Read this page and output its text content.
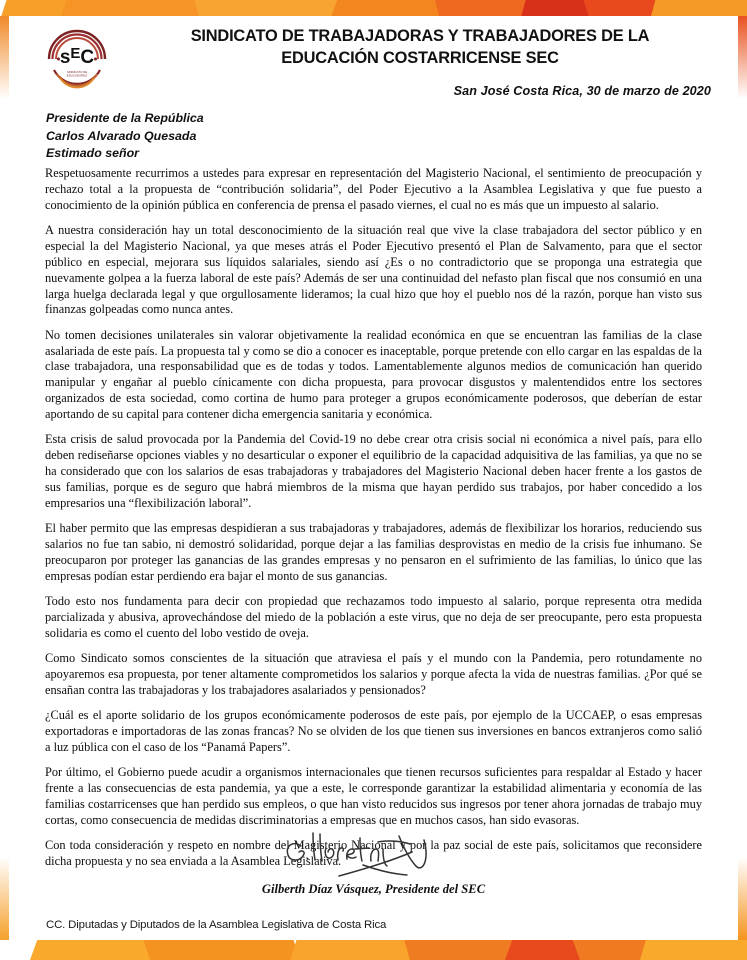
$s^EC$
SINDICATO DE
EDUCADORES
SINDICATO DE TRABAJADORAS Y TRABAJADORES DE LA
EDUCACIÓN COSTARRICENSE SEC
San José Costa Rica, 30 de marzo de 2020
Presidente de la República
Carlos Alvarado Quesada
Estimado señor

Respetuosamente recurrimos a ustedes para expresar en representación del Magisterio Nacional, el sentimiento de preocupación y rechazo total a la propuesta de “contribución solidaria”, del Poder Ejecutivo a la Asamblea Legislativa y que fue puesto a conocimiento de la opinión pública en conferencia de prensa el pasado viernes, el cual no es más que un impuesto al salario.

A nuestra consideración hay un total desconocimiento de la situación real que vive la clase trabajadora del sector público y en especial la del Magisterio Nacional, ya que meses atrás el Poder Ejecutivo presentó el Plan de Salvamento, para que el sector público en especial, mejorara sus líquidos salariales, siendo así ¿Es o no contradictorio que se proponga una estrategia que nuevamente golpea a la fuerza laboral de este país? Además de ser una continuidad del nefasto plan fiscal que nos consumió en una larga huelga declarada legal y que orgullosamente lideramos; la cual hizo que hoy el pueblo nos dé la razón, porque han visto sus finanzas golpeadas como nunca antes.

No tomen decisiones unilaterales sin valorar objetivamente la realidad económica en que se encuentran las familias de la clase asalariada de este país. La propuesta tal y como se dio a conocer es inaceptable, porque pretende con ello cargar en las espaldas de la clase trabajadora, una responsabilidad que es de todas y todos. Lamentablemente algunos medios de comunicación han querido manipular y engañar al pueblo cínicamente con dicha propuesta, para provocar disgustos y malentendidos entre los sectores organizados de esta sociedad, como cortina de humo para proteger a grupos económicamente poderosos, que deberían de estar aportando de su capital para contener dicha emergencia sanitaria y económica.

Esta crisis de salud provocada por la Pandemia del Covid-19 no debe crear otra crisis social ni económica a nivel país, para ello deben rediseñarse opciones viables y no desarticular o exponer el equilibrio de la capacidad adquisitiva de las familias, ya que no se ha considerado que con los salarios de esas trabajadoras y trabajadores del Magisterio Nacional deben hacer frente a los gastos de sus familias, porque es de seguro que habrá miembros de la misma que hayan perdido sus trabajos, por haber concedido a los empresarios una “flexibilización laboral”.

El haber permito que las empresas despidieran a sus trabajadoras y trabajadores, además de flexibilizar los horarios, reduciendo sus salarios no fue tan sabio, ni demostró solidaridad, porque dejar a las familias desprovistas en medio de la crisis fue inhumano. Se preocuparon por proteger las ganancias de las grandes empresas y no pensaron en el sufrimiento de las familias, lo único que las empresas podían estar perdiendo era bajar el monto de sus ganancias.

Todo esto nos fundamenta para decir con propiedad que rechazamos todo impuesto al salario, porque representa otra medida parcializada y abusiva, aprovechándose del miedo de la población a este virus, que no deja de ser preocupante, pero esta propuesta solidaria es como el cuento del lobo vestido de oveja.

Como Sindicato somos conscientes de la situación que atraviesa el país y el mundo con la Pandemia, pero rotundamente no apoyaremos esa propuesta, por tener altamente comprometidos los salarios y porque afecta la vida de nuestras familias. ¿Por qué se ensañan contra las trabajadoras y los trabajadores asalariados y pensionados?

¿Cuál es el aporte solidario de los grupos económicamente poderosos de este país, por ejemplo de la UCCAEP, o esas empresas exportadoras e importadoras de las zonas francas? No se olviden de los que tienen sus inversiones en bancos extranjeros como salió a luz pública con el caso de los “Panamá Papers”.

Por último, el Gobierno puede acudir a organismos internacionales que tienen recursos suficientes para respaldar al Estado y hacer frente a las consecuencias de esta pandemia, ya que a este, le corresponde garantizar la estabilidad alimentaria y economía de las familias costarricenses que han perdido sus empleos, o que han visto reducidos sus ingresos por tener ahora jornadas de trabajo muy cortas, como consecuencia de medidas discriminatorias a empresas que en muchos casos, han sido evasoras.

Con toda consideración y respeto en nombre del Magisterio Nacional y por la paz social de este país, solicitamos que reconsidere dicha propuesta y no sea enviada a la Asamblea Legislativa.

Gilberth Díaz Vásquez, Presidente del SEC
CC. Diputadas y Diputados de la Asamblea Legislativa de Costa Rica
